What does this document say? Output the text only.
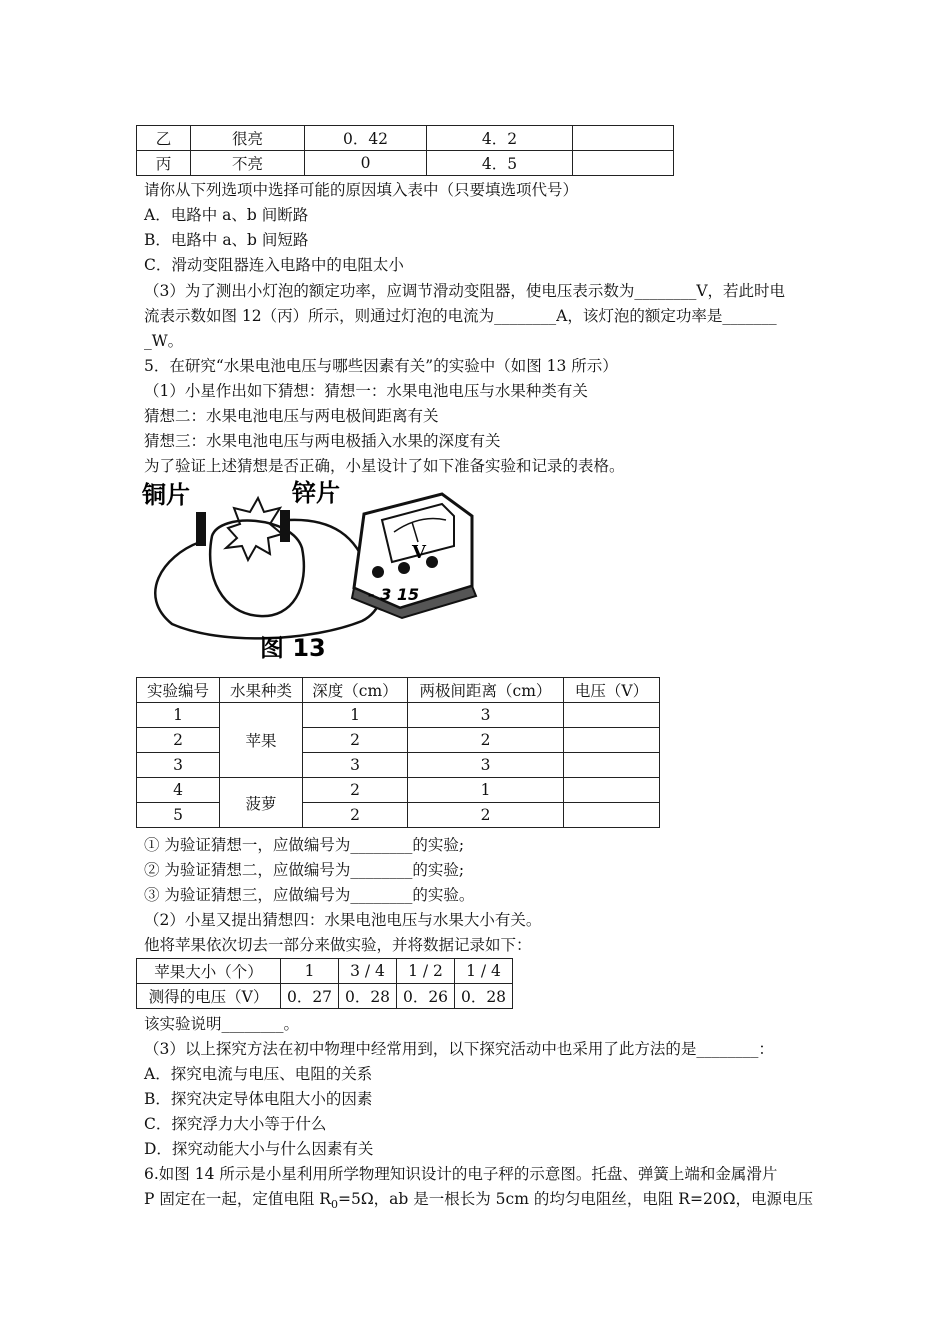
乙	很亮	0．42	4．2	
丙	不亮	0	4．5	
请你从下列选项中选择可能的原因填入表中（只要填选项代号）
A．电路中 a、b 间断路
B．电路中 a、b 间短路
C．滑动变阻器连入电路中的电阻太小
（3）为了测出小灯泡的额定功率，应调节滑动变阻器，使电压表示数为________V，若此时电
流表示数如图 12（丙）所示，则通过灯泡的电流为________A，该灯泡的额定功率是_______
_W。
5．在研究“水果电池电压与哪些因素有关”的实验中（如图 13 所示）
（1）小星作出如下猜想：猜想一：水果电池电压与水果种类有关
猜想二：水果电池电压与两电极间距离有关
猜想三：水果电池电压与两电极插入水果的深度有关
为了验证上述猜想是否正确，小星设计了如下准备实验和记录的表格。
铜片	锌片
V
- 3 15
图 13
实验编号	水果种类	深度（cm）	两极间距离（cm）	电压（V）
1	苹果	1	3	
2		2	2	
3		3	3	
4	菠萝	2	1	
5		2	2	
① 为验证猜想一，应做编号为________的实验;
② 为验证猜想二，应做编号为________的实验;
③ 为验证猜想三，应做编号为________的实验。
（2）小星又提出猜想四：水果电池电压与水果大小有关。
他将苹果依次切去一部分来做实验，并将数据记录如下：
苹果大小（个）	1	3 / 4	1 / 2	1 / 4
测得的电压（V）	0．27	0．28	0．26	0．28
该实验说明________。
（3）以上探究方法在初中物理中经常用到，以下探究活动中也采用了此方法的是________：
A．探究电流与电压、电阻的关系
B．探究决定导体电阻大小的因素
C．探究浮力大小等于什么
D．探究动能大小与什么因素有关
6.如图 14 所示是小星利用所学物理知识设计的电子秤的示意图。托盘、弹簧上端和金属滑片
P 固定在一起，定值电阻 $R_0=5\Omega$，ab 是一根长为 5cm 的均匀电阻丝，电阻 R=20Ω，电源电压
